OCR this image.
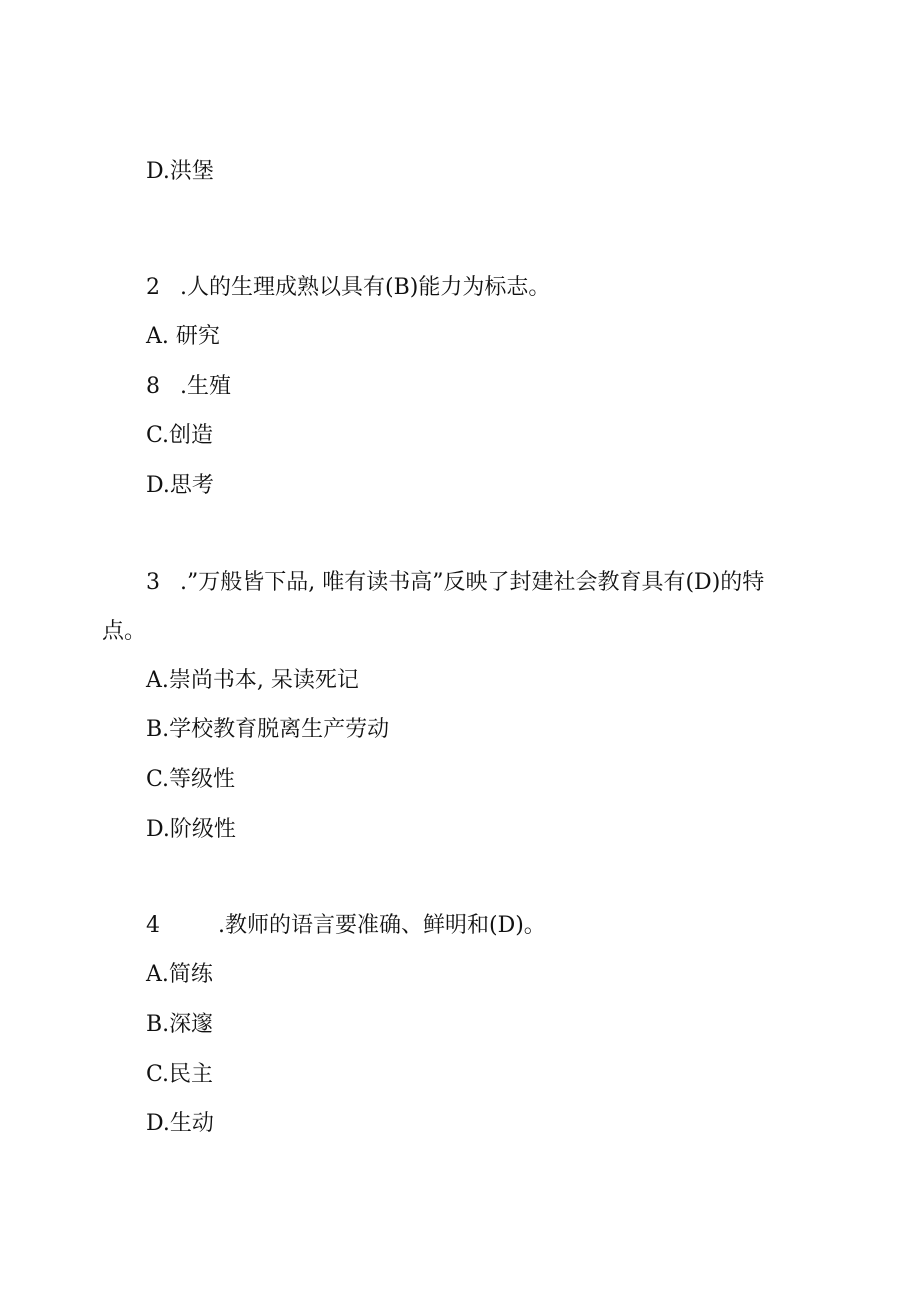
D.洪堡
2 .人的生理成熟以具有(B)能力为标志。
A. 研究
8 .生殖
C.创造
D.思考
3 .”万般皆下品, 唯有读书高”反映了封建社会教育具有(D)的特
点。
A.崇尚书本, 呆读死记
B.学校教育脱离生产劳动
C.等级性
D.阶级性
4	.教师的语言要准确、鲜明和(D)。
A.简练
B.深邃
C.民主
D.生动
